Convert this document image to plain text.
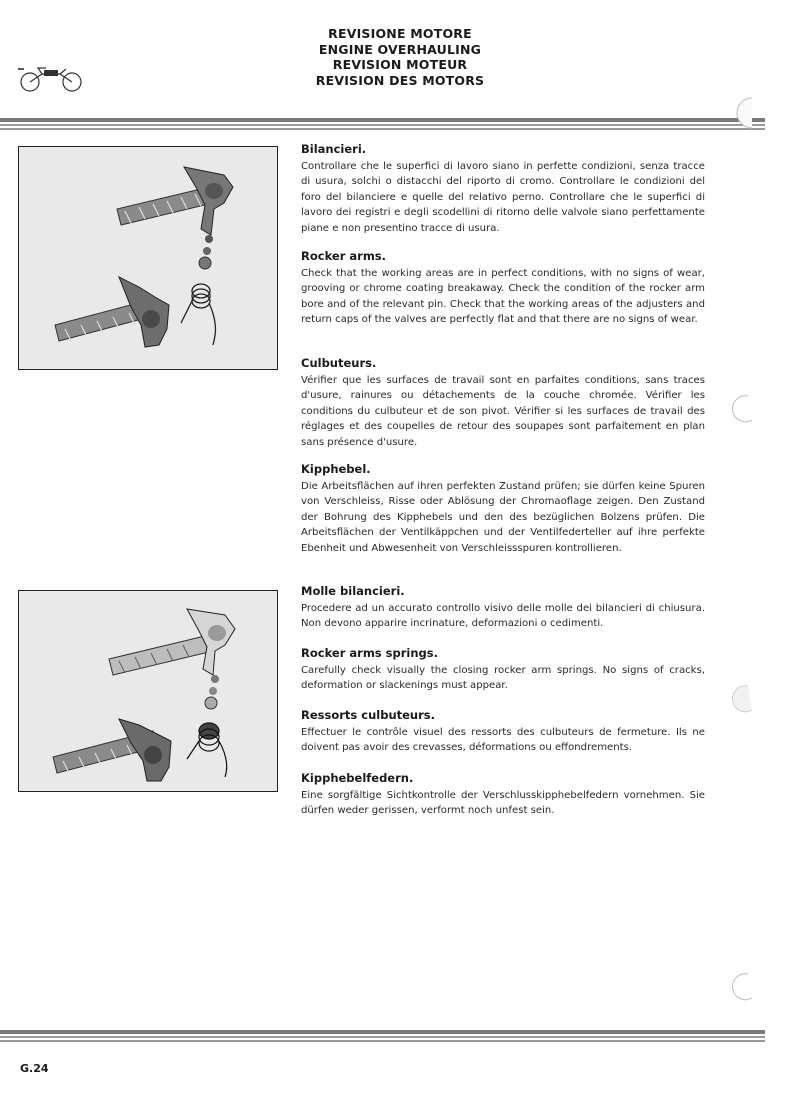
REVISIONE MOTORE
ENGINE OVERHAULING
REVISION MOTEUR
REVISION DES MOTORS
Bilancieri.

Controllare che le superfici di lavoro siano in perfette condizioni, senza tracce di usura, solchi o distacchi del riporto di cromo. Controllare le condizioni del foro del bilanciere e quelle del relativo perno. Controllare che le superfici di lavoro dei registri e degli scodellini di ritorno delle valvole siano perfettamente piane e non presentino tracce di usura.

Rocker arms.

Check that the working areas are in perfect conditions, with no signs of wear, grooving or chrome coating breakaway. Check the condition of the rocker arm bore and of the relevant pin. Check that the working areas of the adjusters and return caps of the valves are perfectly flat and that there are no signs of wear.

Culbuteurs.

Vérifier que les surfaces de travail sont en parfaites conditions, sans traces d'usure, rainures ou détachements de la couche chromée. Vérifier les conditions du culbuteur et de son pivot. Vérifier si les surfaces de travail des réglages et des coupelles de retour des soupapes sont parfaitement en plan sans présence d'usure.

Kipphebel.

Die Arbeitsflächen auf ihren perfekten Zustand prüfen; sie dürfen keine Spuren von Verschleiss, Risse oder Ablösung der Chromaoflage zeigen. Den Zustand der Bohrung des Kipphebels und den des bezüglichen Bolzens prüfen. Die Arbeitsflächen der Ventilkäppchen und der Ventilfederteller auf ihre perfekte Ebenheit und Abwesenheit von Verschleissspuren kontrollieren.

Molle bilancieri.

Procedere ad un accurato controllo visivo delle molle dei bilancieri di chiusura. Non devono apparire incrinature, deformazioni o cedimenti.

Rocker arms springs.

Carefully check visually the closing rocker arm springs. No signs of cracks, deformation or slackenings must appear.

Ressorts culbuteurs.

Effectuer le contrôle visuel des ressorts des culbuteurs de fermeture. Ils ne doivent pas avoir des crevasses, déformations ou effondrements.

Kipphebelfedern.

Eine sorgfältige Sichtkontrolle der Verschlusskipphebelfedern vornehmen. Sie dürfen weder gerissen, verformt noch unfest sein.

G.24
